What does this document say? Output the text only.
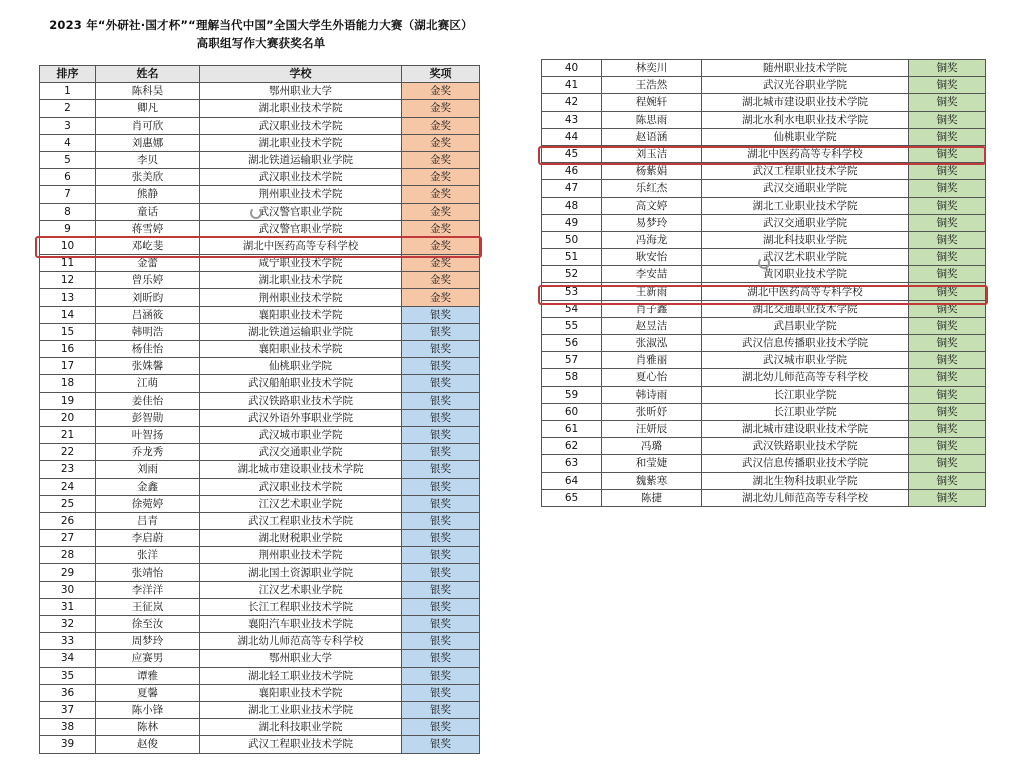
2023 年“外研社·国才杯”“理解当代中国”全国大学生外语能力大赛（湖北赛区）
高职组写作大赛获奖名单
排序	姓名	学校	奖项
1	陈科昊	鄂州职业大学	金奖
2	卿凡	湖北职业技术学院	金奖
3	肖可欣	武汉职业技术学院	金奖
4	刘惠娜	湖北职业技术学院	金奖
5	李贝	湖北铁道运输职业学院	金奖
6	张美欣	武汉职业技术学院	金奖
7	熊静	荆州职业技术学院	金奖
8	童话	武汉警官职业学院	金奖
9	蒋雪婷	武汉警官职业学院	金奖
10	邓屹斐	湖北中医药高等专科学校	金奖
11	金蕾	咸宁职业技术学院	金奖
12	曾乐婷	湖北职业技术学院	金奖
13	刘昕昀	荆州职业技术学院	金奖
14	吕涵筱	襄阳职业技术学院	银奖
15	韩明浩	湖北铁道运输职业学院	银奖
16	杨佳怡	襄阳职业技术学院	银奖
17	张姝馨	仙桃职业学院	银奖
18	江萌	武汉船舶职业技术学院	银奖
19	姜佳怡	武汉铁路职业技术学院	银奖
20	彭智勋	武汉外语外事职业学院	银奖
21	叶智扬	武汉城市职业学院	银奖
22	乔龙秀	武汉交通职业学院	银奖
23	刘雨	湖北城市建设职业技术学院	银奖
24	金鑫	武汉职业技术学院	银奖
25	徐菀婷	江汉艺术职业学院	银奖
26	吕青	武汉工程职业技术学院	银奖
27	李启蔚	湖北财税职业学院	银奖
28	张洋	荆州职业技术学院	银奖
29	张靖怡	湖北国土资源职业学院	银奖
30	李洋洋	江汉艺术职业学院	银奖
31	王征岚	长江工程职业技术学院	银奖
32	徐至汝	襄阳汽车职业技术学院	银奖
33	周梦玲	湖北幼儿师范高等专科学校	银奖
34	应赛男	鄂州职业大学	银奖
35	谭雅	湖北轻工职业技术学院	银奖
36	夏馨	襄阳职业技术学院	银奖
37	陈小锋	湖北工业职业技术学院	银奖
38	陈林	湖北科技职业学院	银奖
39	赵俊	武汉工程职业技术学院	银奖
40	林奕川	随州职业技术学院	铜奖
41	王浩然	武汉光谷职业学院	铜奖
42	程婉轩	湖北城市建设职业技术学院	铜奖
43	陈思雨	湖北水利水电职业技术学院	铜奖
44	赵语涵	仙桃职业学院	铜奖
45	刘玉洁	湖北中医药高等专科学校	铜奖
46	杨紫娟	武汉工程职业技术学院	铜奖
47	乐红杰	武汉交通职业学院	铜奖
48	高文婷	湖北工业职业技术学院	铜奖
49	易梦玲	武汉交通职业学院	铜奖
50	冯海龙	湖北科技职业学院	铜奖
51	耿安怡	武汉艺术职业学院	铜奖
52	李安喆	黄冈职业技术学院	铜奖
53	王新雨	湖北中医药高等专科学校	铜奖
54	肖子鑫	湖北交通职业技术学院	铜奖
55	赵昱洁	武昌职业学院	铜奖
56	张淑泓	武汉信息传播职业技术学院	铜奖
57	肖雅丽	武汉城市职业学院	铜奖
58	夏心怡	湖北幼儿师范高等专科学校	铜奖
59	韩诗雨	长江职业学院	铜奖
60	张昕妤	长江职业学院	铜奖
61	汪妍辰	湖北城市建设职业技术学院	铜奖
62	冯璐	武汉铁路职业技术学院	铜奖
63	和莹婕	武汉信息传播职业技术学院	铜奖
64	魏紫寒	湖北生物科技职业学院	铜奖
65	陈捷	湖北幼儿师范高等专科学校	铜奖
